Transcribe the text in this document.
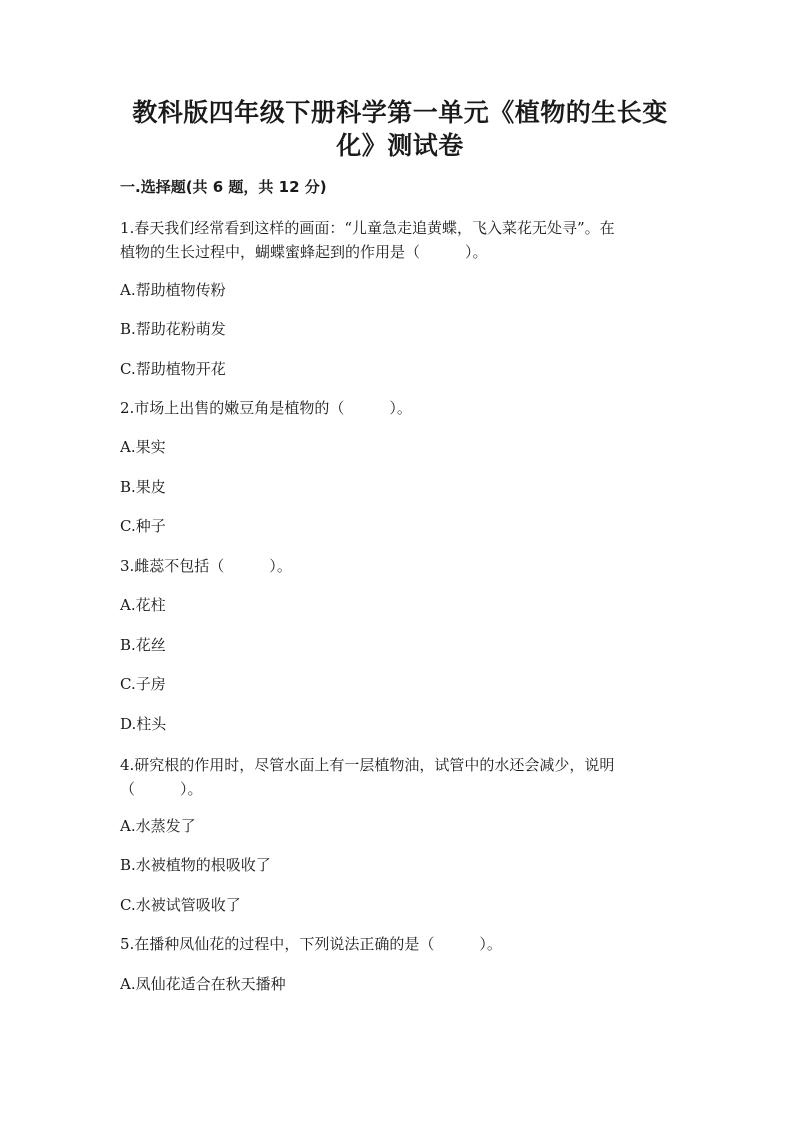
教科版四年级下册科学第一单元《植物的生长变
化》测试卷
一.选择题(共 6 题，共 12 分)
1.春天我们经常看到这样的画面：“儿童急走追黄蝶，飞入菜花无处寻”。在
植物的生长过程中，蝴蝶蜜蜂起到的作用是（　　　）。
A.帮助植物传粉
B.帮助花粉萌发
C.帮助植物开花
2.市场上出售的嫩豆角是植物的（　　　）。
A.果实
B.果皮
C.种子
3.雌蕊不包括（　　　）。
A.花柱
B.花丝
C.子房
D.柱头
4.研究根的作用时，尽管水面上有一层植物油，试管中的水还会减少，说明
（　　　）。
A.水蒸发了
B.水被植物的根吸收了
C.水被试管吸收了
5.在播种凤仙花的过程中，下列说法正确的是（　　　）。
A.凤仙花适合在秋天播种
